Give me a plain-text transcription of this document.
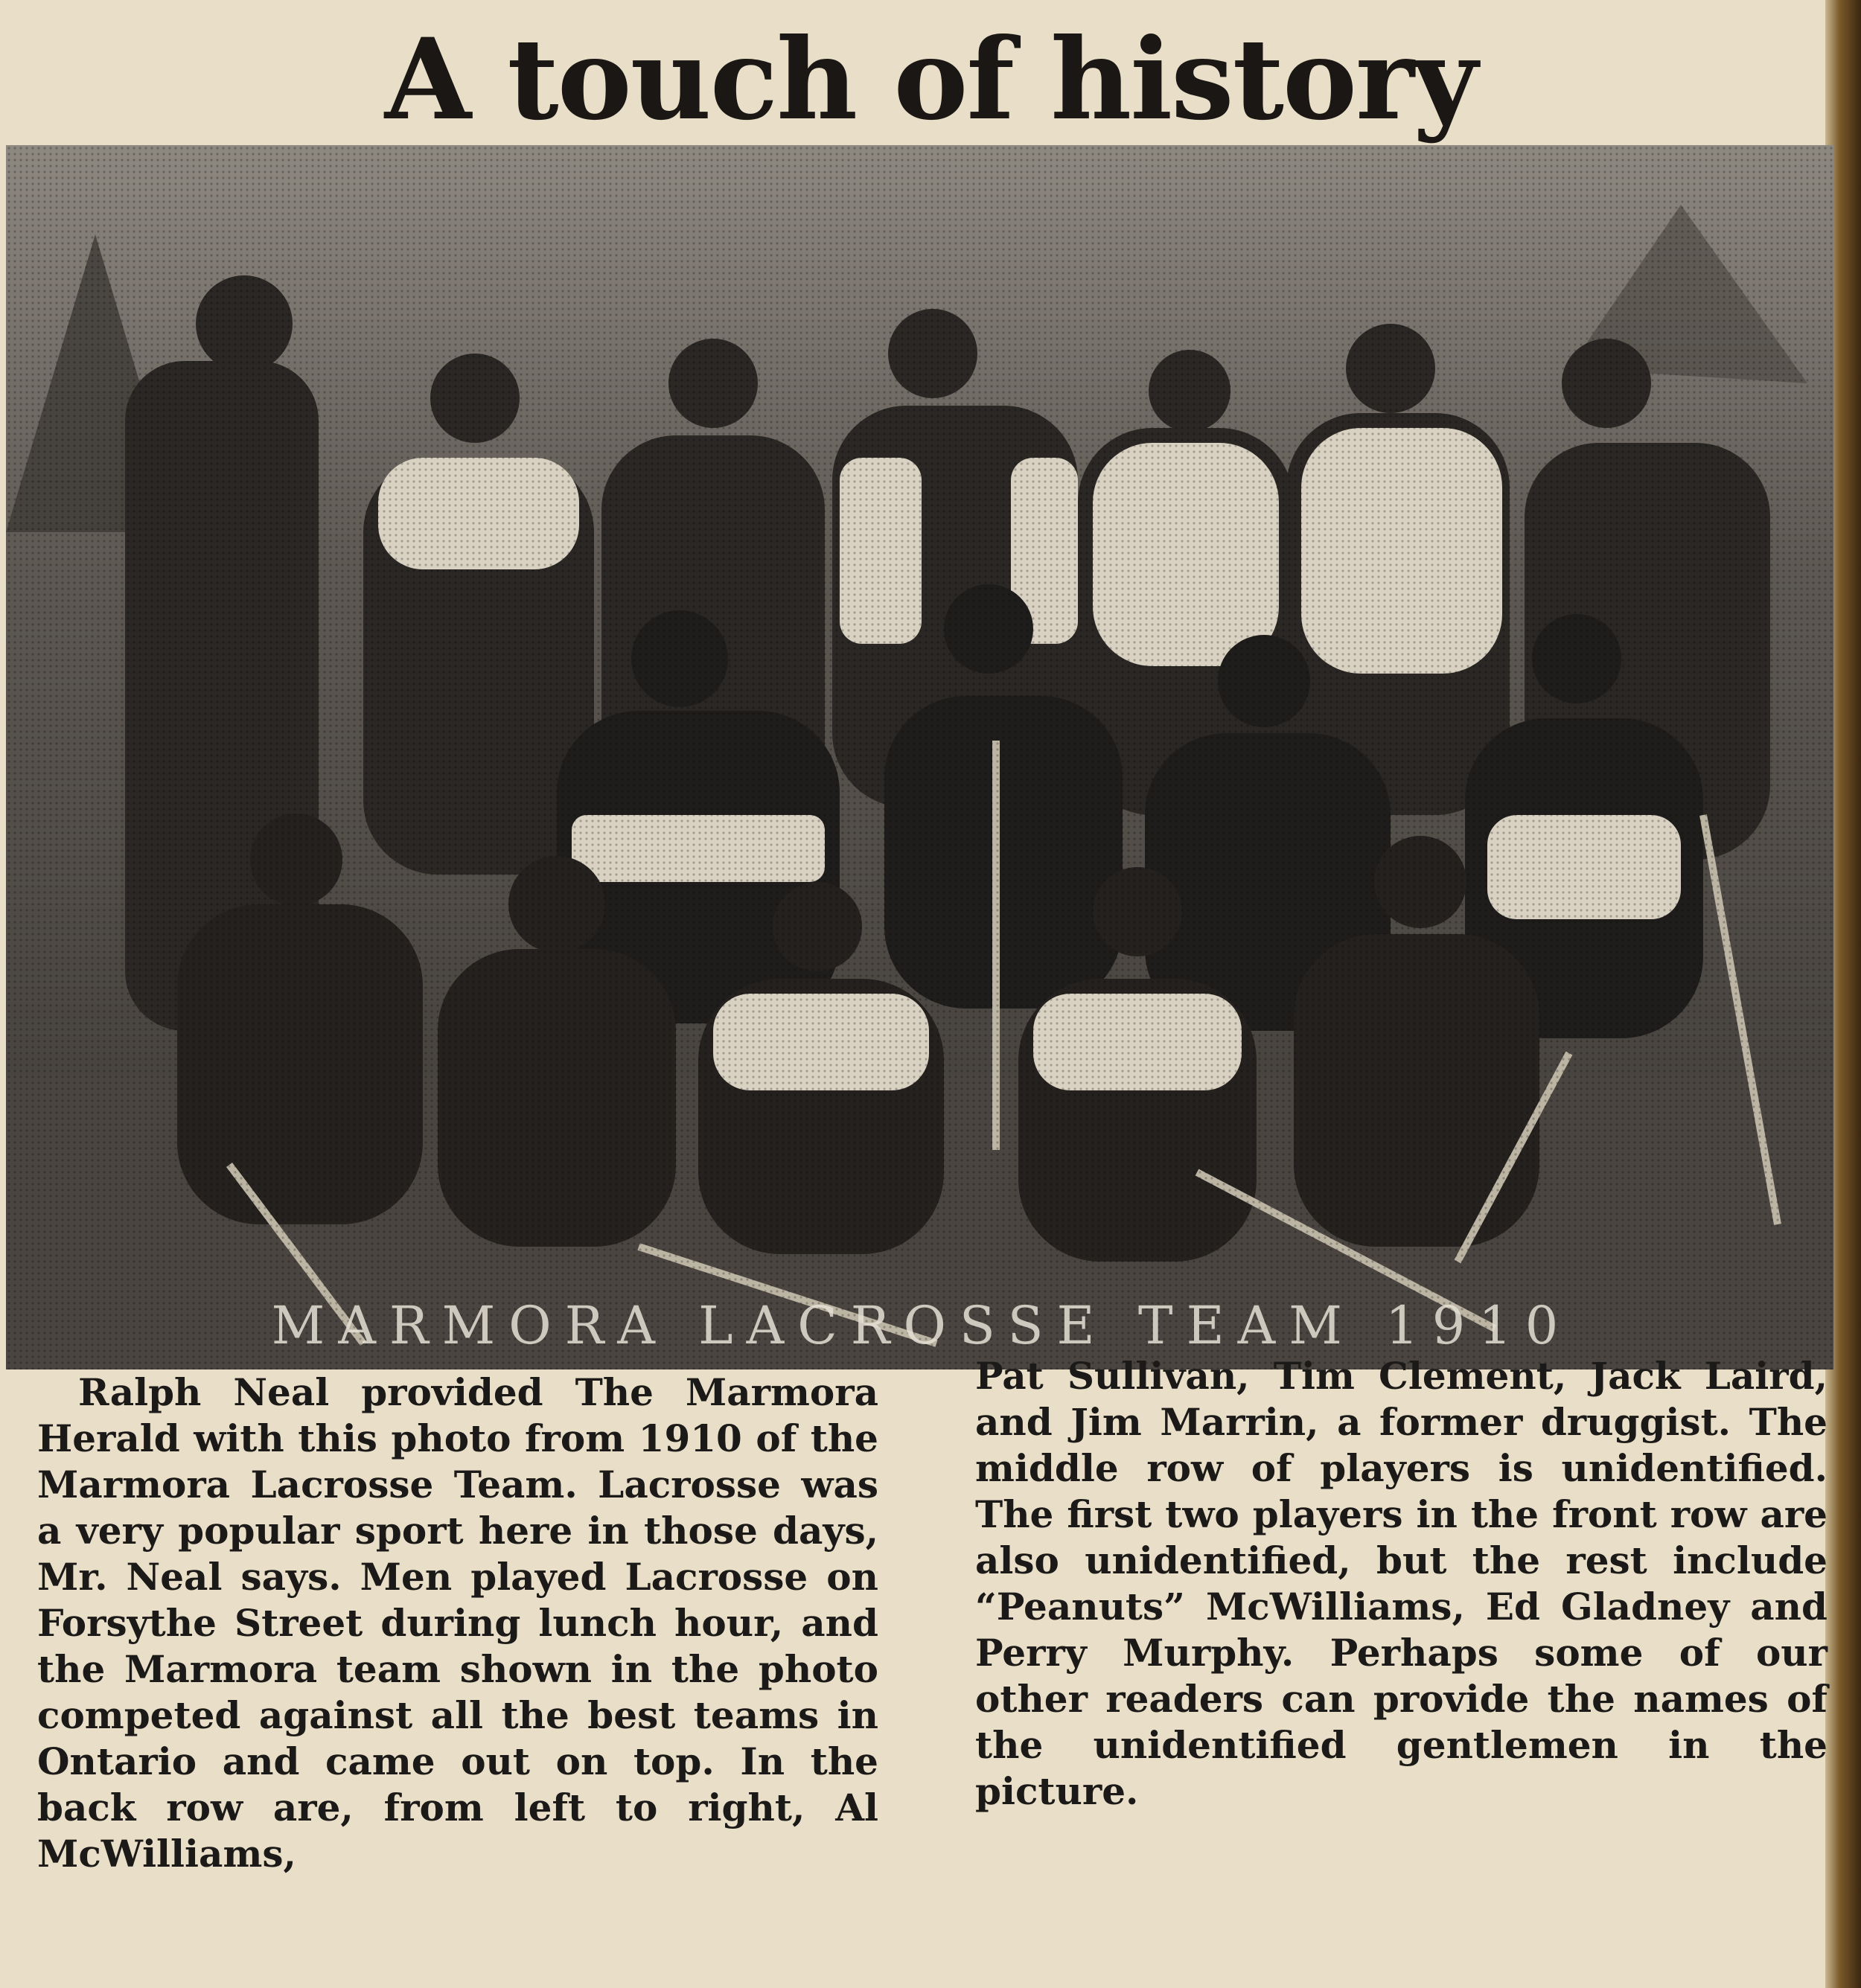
A touch of history
MARMORA LACROSSE TEAM 1910
Ralph Neal provided The Marmora Herald with this photo from 1910 of the Marmora Lacrosse Team. Lacrosse was a very popular sport here in those days, Mr. Neal says. Men played Lacrosse on Forsythe Street during lunch hour, and the Marmora team shown in the photo competed against all the best teams in Ontario and came out on top. In the back row are, from left to right, Al McWilliams,
Pat Sullivan, Tim Clement, Jack Laird, and Jim Marrin, a former druggist. The middle row of players is unidentified. The first two players in the front row are also unidentified, but the rest include “Peanuts” McWilliams, Ed Gladney and Perry Murphy. Perhaps some of our other readers can provide the names of the unidentified gentlemen in the picture.
